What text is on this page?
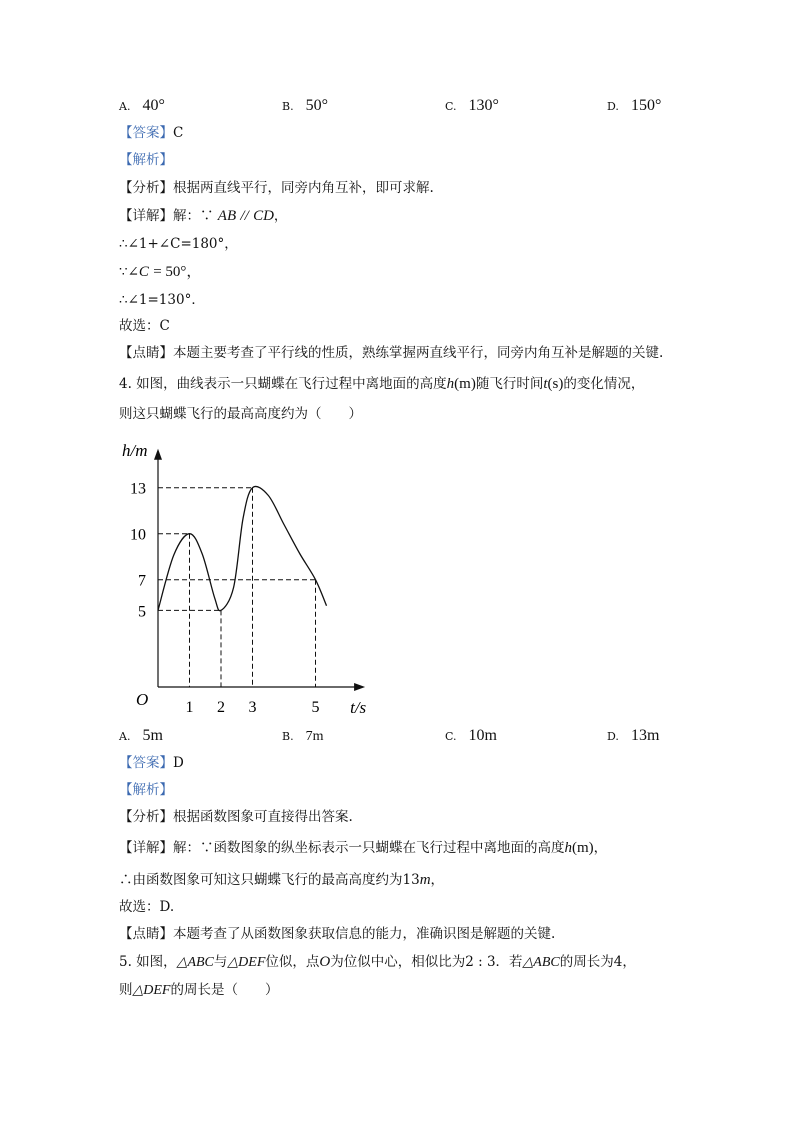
A. 40°	B. 50°	C. 130°	D. 150°
【答案】C
【解析】
【分析】根据两直线平行，同旁内角互补，即可求解.
【详解】解：∵ AB // CD，
∴∠1+∠C=180°，
∵∠C = 50°，
∴∠1=130°．
故选：C
【点睛】本题主要考查了平行线的性质，熟练掌握两直线平行，同旁内角互补是解题的关键.
4. 如图，曲线表示一只蝴蝶在飞行过程中离地面的高度h(m)随飞行时间t(s)的变化情况，
则这只蝴蝶飞行的最高高度约为（　　）
h/m
t/s
O 1 2 3	5
5
7
10
13
A. 5m	B. 7m	C. 10m	D. 13m
【答案】D
【解析】
【分析】根据函数图象可直接得出答案.
【详解】解：∵函数图象的纵坐标表示一只蝴蝶在飞行过程中离地面的高度h(m)，
∴由函数图象可知这只蝴蝶飞行的最高高度约为13m，
故选：D.
【点睛】本题考查了从函数图象获取信息的能力，准确识图是解题的关键.
5. 如图，△ABC与△DEF位似，点O为位似中心，相似比为2 : 3．若△ABC的周长为4，
则△DEF的周长是（　　）
